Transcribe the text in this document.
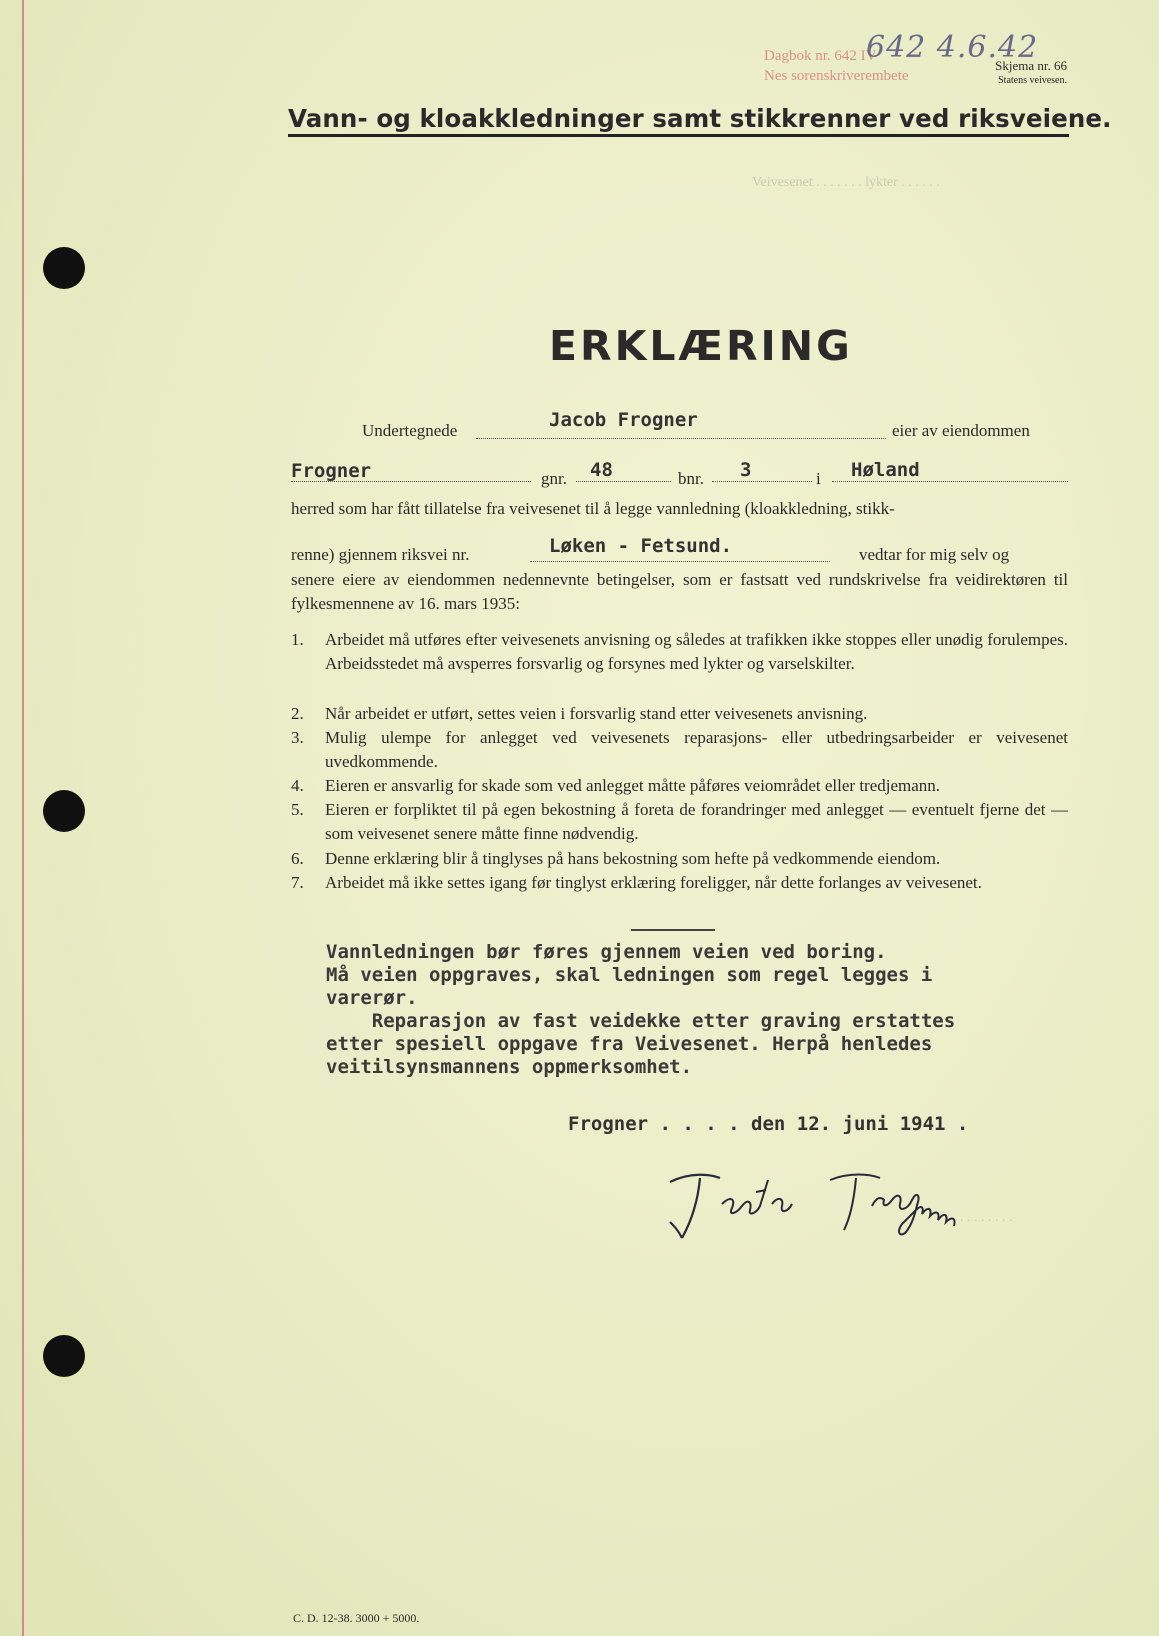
Veivesenet . . . . . . . lykter . . . . . .
. . . . . . . .
Dagbok nr. 642 IV
Nes sorenskriverembete
642 4.6.42
Skjema nr. 66
Statens veivesen.
Vann- og kloakkledninger samt stikkrenner ved riksveiene.
ERKLÆRING
Undertegnede	Jacob Frogner	eier av eiendommen
Frogner	gnr. 48	bnr. 3	i Høland
herred som har fått tillatelse fra veivesenet til å legge vannledning (kloakkledning, stikk-
renne) gjennem riksvei nr.	Løken - Fetsund.	vedtar for mig selv og
senere eiere av eiendommen nedennevnte betingelser, som er fastsatt ved rundskrivelse fra veidirektøren til fylkesmennene av 16. mars 1935:
1. Arbeidet må utføres efter veivesenets anvisning og således at trafikken ikke stoppes eller unødig forulempes. Arbeidsstedet må avsperres forsvarlig og forsynes med lykter og varselskilter.
2. Når arbeidet er utført, settes veien i forsvarlig stand etter veivesenets anvisning.
3. Mulig ulempe for anlegget ved veivesenets reparasjons- eller utbedringsarbeider er veivesenet uvedkommende.
4. Eieren er ansvarlig for skade som ved anlegget måtte påføres veiområdet eller tredjemann.
5. Eieren er forpliktet til på egen bekostning å foreta de forandringer med anlegget — eventuelt fjerne det — som veivesenet senere måtte finne nødvendig.
6. Denne erklæring blir å tinglyses på hans bekostning som hefte på vedkommende eiendom.
7. Arbeidet må ikke settes igang før tinglyst erklæring foreligger, når dette forlanges av veivesenet.
Vannledningen bør føres gjennem veien ved boring.
Må veien oppgraves, skal ledningen som regel legges i
varerør.
Reparasjon av fast veidekke etter graving erstattes
etter spesiell oppgave fra Veivesenet. Herpå henledes
veitilsynsmannens oppmerksomhet.
Frogner . . . . den 12. juni 1941 .
C. D. 12-38. 3000 + 5000.
